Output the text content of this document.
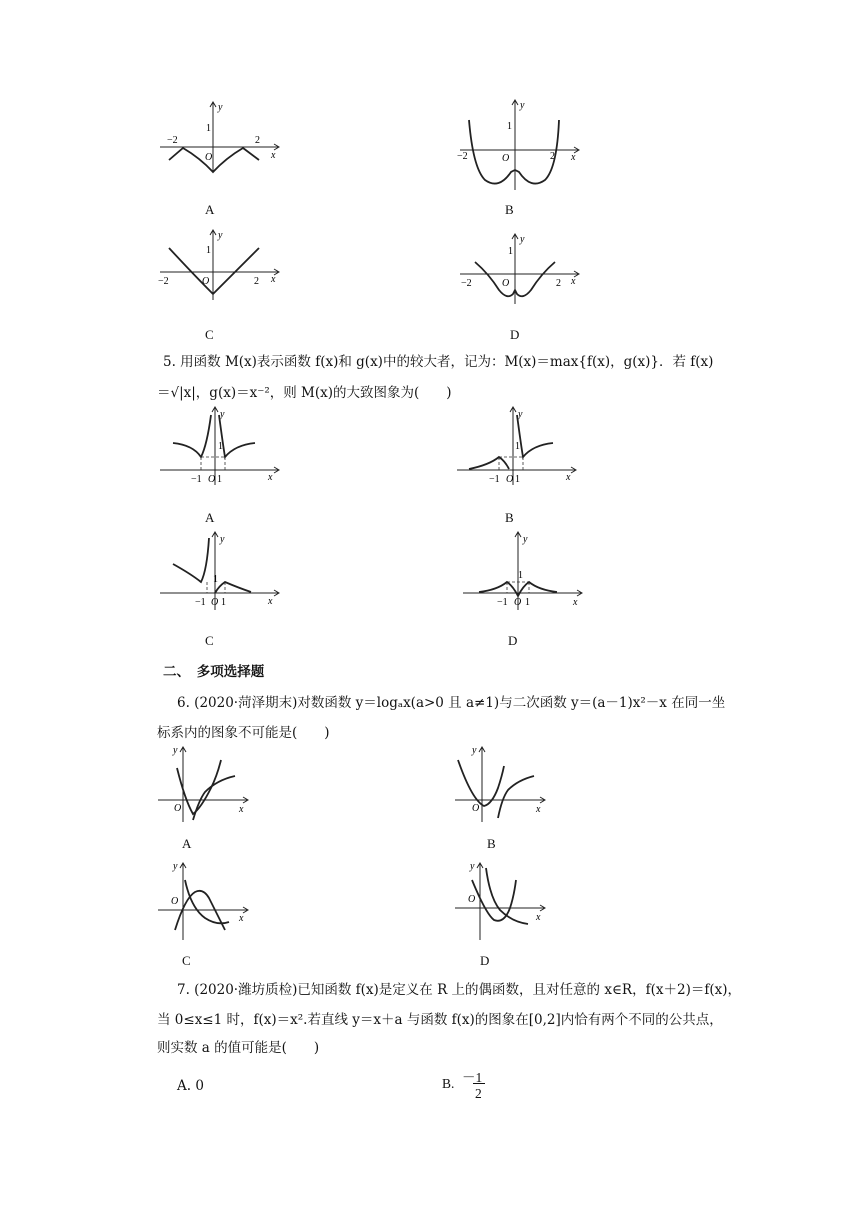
y
x
O
1
−2	2
A
y
x
O
1
−2	2
B
y
x
O
1
−2	2
C
y
x
O
1
−2	2
D
5. 用函数 M(x)表示函数 f(x)和 g(x)中的较大者，记为：M(x)＝max{f(x)，g(x)}．若 f(x)
＝√|x|，g(x)＝x⁻²，则 M(x)的大致图象为(　　)
y
x
−1 O 1
1
A
y
x
−1 O 1
1
B
y
x
−1 O 1
1
C
y
x
−1 O 1
1
D
二、　多项选择题
6. (2020·菏泽期末)对数函数 y＝logₐx(a>0 且 a≠1)与二次函数 y＝(a－1)x²－x 在同一坐
标系内的图象不可能是(　　)
y
x
O
A
y
x
O
B
y
x
O
C
y
x
O
D
7. (2020·潍坊质检)已知函数 f(x)是定义在 R 上的偶函数，且对任意的 x∈R，f(x＋2)＝f(x)，
当 0≤x≤1 时，f(x)＝x².若直线 y＝x＋a 与函数 f(x)的图象在[0,2]内恰有两个不同的公共点，
则实数 a 的值可能是(　　)
A. 0	B. －1
2
